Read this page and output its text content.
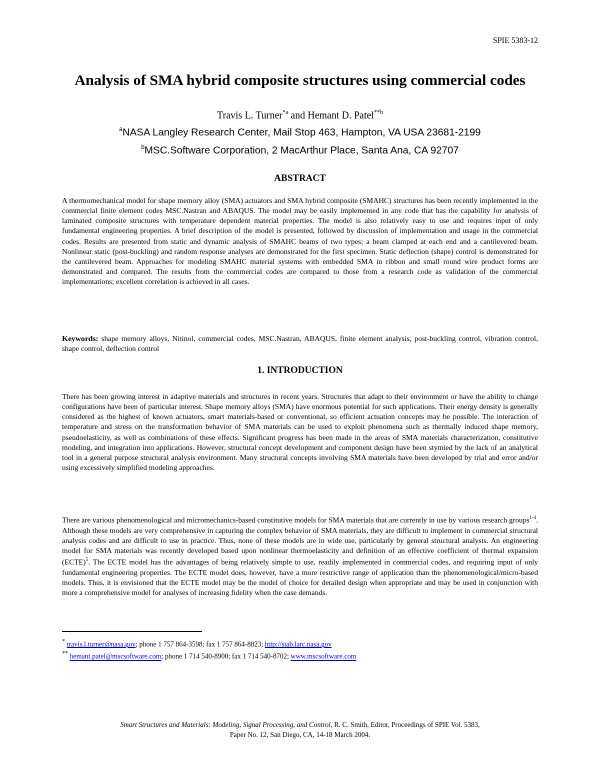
SPIE 5383-12
Analysis of SMA hybrid composite structures using commercial codes
Travis L. Turner$^{*a}$ and Hemant D. Patel$^{**b}$
$^a$NASA Langley Research Center, Mail Stop 463, Hampton, VA USA 23681-2199
$^b$MSC.Software Corporation, 2 MacArthur Place, Santa Ana, CA 92707
ABSTRACT
A thermomechanical model for shape memory alloy (SMA) actuators and SMA hybrid composite (SMAHC) structures has been recently implemented in the commercial finite element codes MSC.Nastran and ABAQUS. The model may be easily implemented in any code that has the capability for analysis of laminated composite structures with temperature dependent material properties. The model is also relatively easy to use and requires input of only fundamental engineering properties. A brief description of the model is presented, followed by discussion of implementation and usage in the commercial codes. Results are presented from static and dynamic analysis of SMAHC beams of two types; a beam clamped at each end and a cantilevered beam. Nonlinear static (post-buckling) and random response analyses are demonstrated for the first specimen. Static deflection (shape) control is demonstrated for the cantilevered beam. Approaches for modeling SMAHC material systems with embedded SMA in ribbon and small round wire product forms are demonstrated and compared. The results from the commercial codes are compared to those from a research code as validation of the commercial implementations; excellent correlation is achieved in all cases.
Keywords: shape memory alloys, Nitinol, commercial codes, MSC.Nastran, ABAQUS, finite element analysis, post-buckling control, vibration control, shape control, deflection control
1. INTRODUCTION
There has been growing interest in adaptive materials and structures in recent years. Structures that adapt to their environment or have the ability to change configurations have been of particular interest. Shape memory alloys (SMA) have enormous potential for such applications. Their energy density is generally considered as the highest of known actuators, smart materials-based or conventional, so efficient actuation concepts may be possible. The interaction of temperature and stress on the transformation behavior of SMA materials can be used to exploit phenomena such as thermally induced shape memory, pseudoelasticity, as well as combinations of these effects. Significant progress has been made in the areas of SMA materials characterization, constitutive modeling, and integration into applications. However, structural concept development and component design have been stymied by the lack of an analytical tool in a general purpose structural analysis environment. Many structural concepts involving SMA materials have been developed by trial and error and/or using excessively simplified modeling approaches.
There are various phenomenological and micromechanics-based constitutive models for SMA materials that are currently in use by various research groups$^{1-4}$. Although these models are very comprehensive in capturing the complex behavior of SMA materials, they are difficult to implement in commercial structural analysis codes and are difficult to use in practice. Thus, none of these models are in wide use, particularly by general structural analysts. An engineering model for SMA materials was recently developed based upon nonlinear thermoelasticity and definition of an effective coefficient of thermal expansion (ECTE)$^5$. The ECTE model has the advantages of being relatively simple to use, readily implemented in commercial codes, and requiring input of only fundamental engineering properties. The ECTE model does, however, have a more restrictive range of application than the phenomenological/micro-based models. Thus, it is envisioned that the ECTE model may be the model of choice for detailed design when appropriate and may be used in conjunction with more a comprehensive model for analyses of increasing fidelity when the case demands.
* travis.l.turner@nasa.gov; phone 1 757 864-3598; fax 1 757 864-8823; http://stab.larc.nasa.gov
** hemant.patel@mscsoftware.com; phone 1 714 540-8900; fax 1 714 540-8702; www.mscsoftware.com
Smart Structures and Materials: Modeling, Signal Processing, and Control, R. C. Smith, Editor, Proceedings of SPIE Vol. 5383,
Paper No. 12, San Diego, CA, 14-18 March 2004.
